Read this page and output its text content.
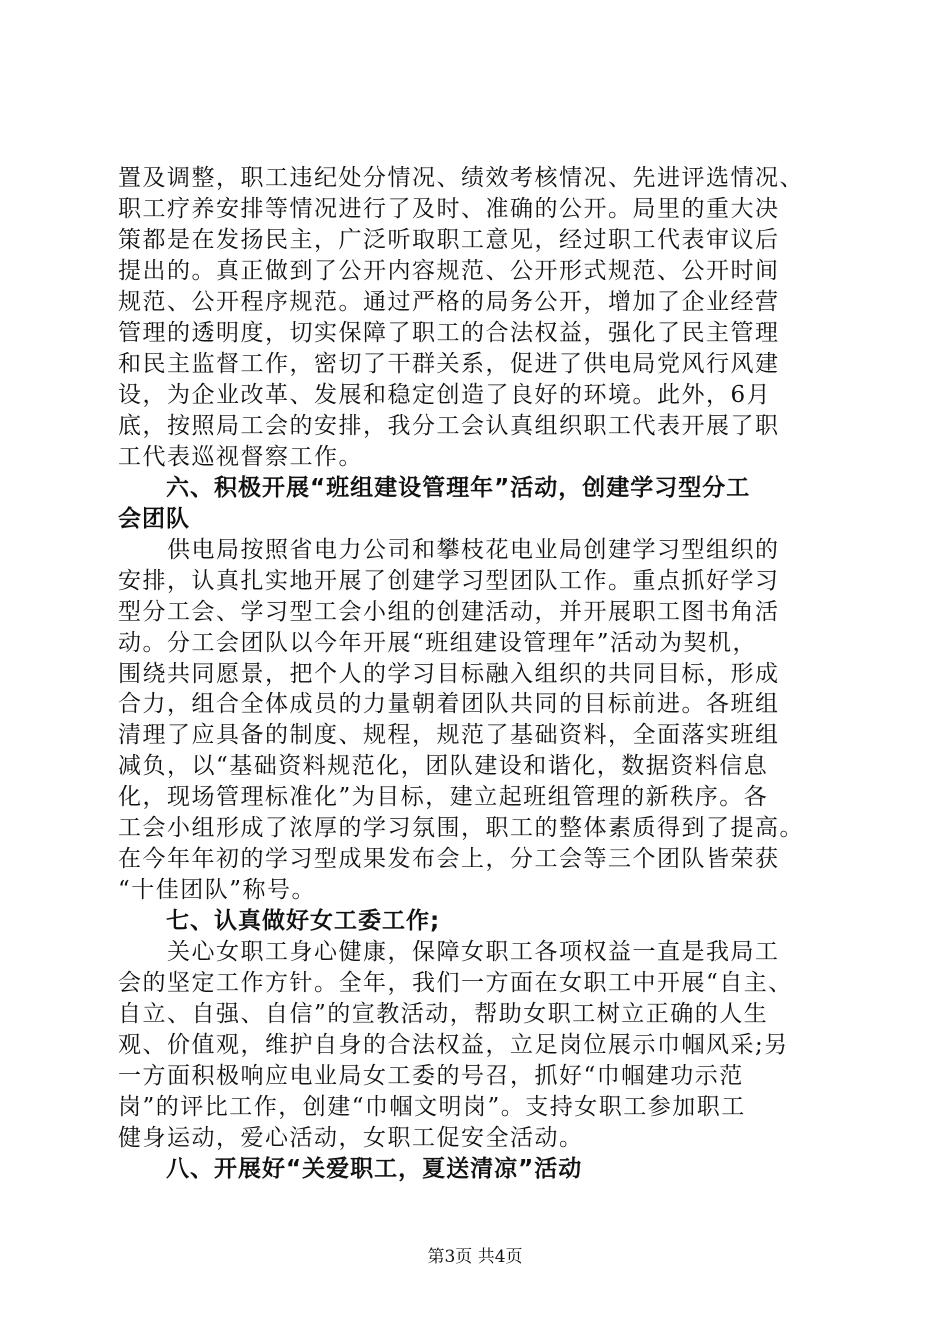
置及调整，职工违纪处分情况、绩效考核情况、先进评选情况、
职工疗养安排等情况进行了及时、准确的公开。局里的重大决
策都是在发扬民主，广泛听取职工意见，经过职工代表审议后
提出的。真正做到了公开内容规范、公开形式规范、公开时间
规范、公开程序规范。通过严格的局务公开，增加了企业经营
管理的透明度，切实保障了职工的合法权益，强化了民主管理
和民主监督工作，密切了干群关系，促进了供电局党风行风建
设，为企业改革、发展和稳定创造了良好的环境。此外，6月
底，按照局工会的安排，我分工会认真组织职工代表开展了职
工代表巡视督察工作。
　　六、积极开展“班组建设管理年”活动，创建学习型分工
会团队
　　供电局按照省电力公司和攀枝花电业局创建学习型组织的
安排，认真扎实地开展了创建学习型团队工作。重点抓好学习
型分工会、学习型工会小组的创建活动，并开展职工图书角活
动。分工会团队以今年开展“班组建设管理年”活动为契机，
围绕共同愿景，把个人的学习目标融入组织的共同目标，形成
合力，组合全体成员的力量朝着团队共同的目标前进。各班组
清理了应具备的制度、规程，规范了基础资料，全面落实班组
减负，以“基础资料规范化，团队建设和谐化，数据资料信息
化，现场管理标准化”为目标，建立起班组管理的新秩序。各
工会小组形成了浓厚的学习氛围，职工的整体素质得到了提高。
在今年年初的学习型成果发布会上，分工会等三个团队皆荣获
“十佳团队”称号。
　　七、认真做好女工委工作;
　　关心女职工身心健康，保障女职工各项权益一直是我局工
会的坚定工作方针。全年，我们一方面在女职工中开展“自主、
自立、自强、自信”的宣教活动，帮助女职工树立正确的人生
观、价值观，维护自身的合法权益，立足岗位展示巾帼风采;另
一方面积极响应电业局女工委的号召，抓好“巾帼建功示范
岗”的评比工作，创建“巾帼文明岗”。支持女职工参加职工
健身运动，爱心活动，女职工促安全活动。
　　八、开展好“关爱职工，夏送清凉”活动
第3页 共4页
